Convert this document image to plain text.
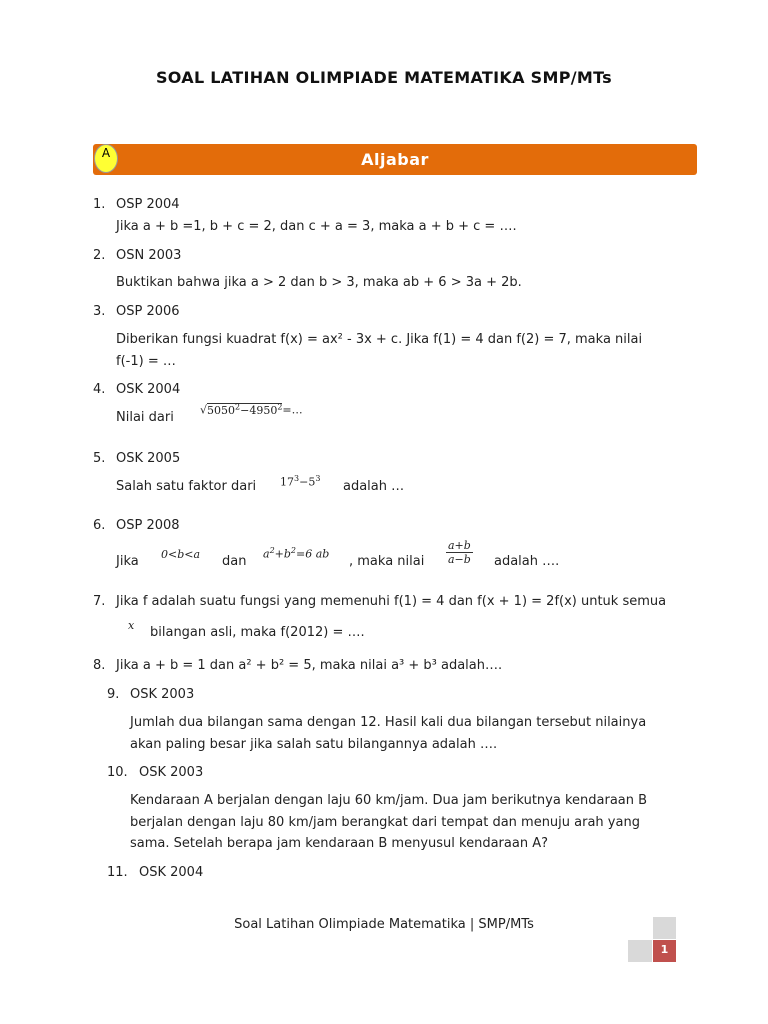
SOAL LATIHAN OLIMPIADE MATEMATIKA SMP/MTs
Aljabar
A
1. OSP 2004
Jika a + b =1, b + c = 2, dan c + a = 3, maka a + b + c = ….
2. OSN 2003
Buktikan bahwa jika a > 2 dan b > 3, maka ab + 6 > 3a + 2b.
3. OSP 2006
Diberikan fungsi kuadrat f(x) = ax² - 3x + c. Jika f(1) = 4 dan f(2) = 7, maka nilai
f(-1) = …
4. OSK 2004
Nilai dari $√5050^2-4950^2=\dots$
5. OSK 2005
Salah satu faktor dari $17^3-5^3$
adalah …
6. OSP 2008
Jika 0<b<a dan $a^2+b^2=6$ ab , maka nilai $\frac{a+b}{a-b}$ adalah ….
7. Jika f adalah suatu fungsi yang memenuhi f(1) = 4 dan f(x + 1) = 2f(x) untuk semua
x bilangan asli, maka f(2012) = ….
8. Jika a + b = 1 dan a² + b² = 5, maka nilai a³ + b³ adalah….
9. OSK 2003
Jumlah dua bilangan sama dengan 12. Hasil kali dua bilangan tersebut nilainya
akan paling besar jika salah satu bilangannya adalah ….
10. OSK 2003
Kendaraan A berjalan dengan laju 60 km/jam. Dua jam berikutnya kendaraan B
berjalan dengan laju 80 km/jam berangkat dari tempat dan menuju arah yang
sama. Setelah berapa jam kendaraan B menyusul kendaraan A?
11. OSK 2004
Soal Latihan Olimpiade Matematika | SMP/MTs
1
